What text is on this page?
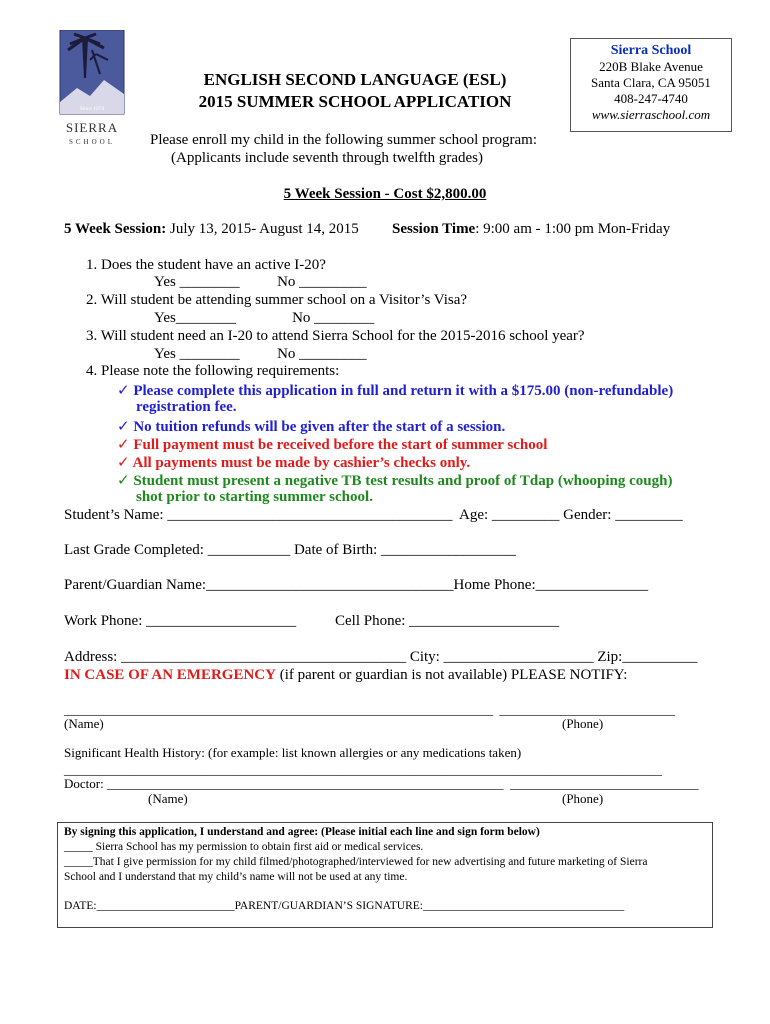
Since 1974
SIERRA
SCHOOL
Sierra School
220B Blake Avenue
Santa Clara, CA 95051
408-247-4740
www.sierraschool.com
ENGLISH SECOND LANGUAGE (ESL)
2015 SUMMER SCHOOL APPLICATION
Please enroll my child in the following summer school program:
(Applicants include seventh through twelfth grades)
5 Week Session - Cost $2,800.00
5 Week Session: July 13, 2015- August 14, 2015 Session Time: 9:00 am - 1:00 pm Mon-Friday
1. Does the student have an active I-20?
Yes ________          No _________
2. Will student be attending summer school on a Visitor’s Visa?
Yes________               No ________
3. Will student need an I-20 to attend Sierra School for the 2015-2016 school year?
Yes ________          No _________
4. Please note the following requirements:
✓ Please complete this application in full and return it with a $175.00 (non-refundable)
registration fee.
✓ No tuition refunds will be given after the start of a session.
✓ Full payment must be received before the start of summer school
✓ All payments must be made by cashier’s checks only.
✓ Student must present a negative TB test results and proof of Tdap (whooping cough)
shot prior to starting summer school.
Student’s Name: ______________________________________  Age: _________ Gender: _________
Last Grade Completed: ___________ Date of Birth: __________________
Parent/Guardian Name:_________________________________Home Phone:_______________
Work Phone: ____________________	Cell Phone: ____________________
Address: ______________________________________ City: ____________________ Zip:__________
IN CASE OF AN EMERGENCY (if parent or guardian is not available) PLEASE NOTIFY:
__________________________________________________________________  ___________________________
(Name)	(Phone)
Significant Health History: (for example: list known allergies or any medications taken)
____________________________________________________________________________________________
Doctor: _____________________________________________________________  _____________________________
(Name)	(Phone)
By signing this application, I understand and agree: (Please initial each line and sign form below)
_____ Sierra School has my permission to obtain first aid or medical services.
_____That I give permission for my child filmed/photographed/interviewed for new advertising and future marketing of Sierra
School and I understand that my child’s name will not be used at any time.
DATE:________________________PARENT/GUARDIAN’S SIGNATURE:___________________________________
